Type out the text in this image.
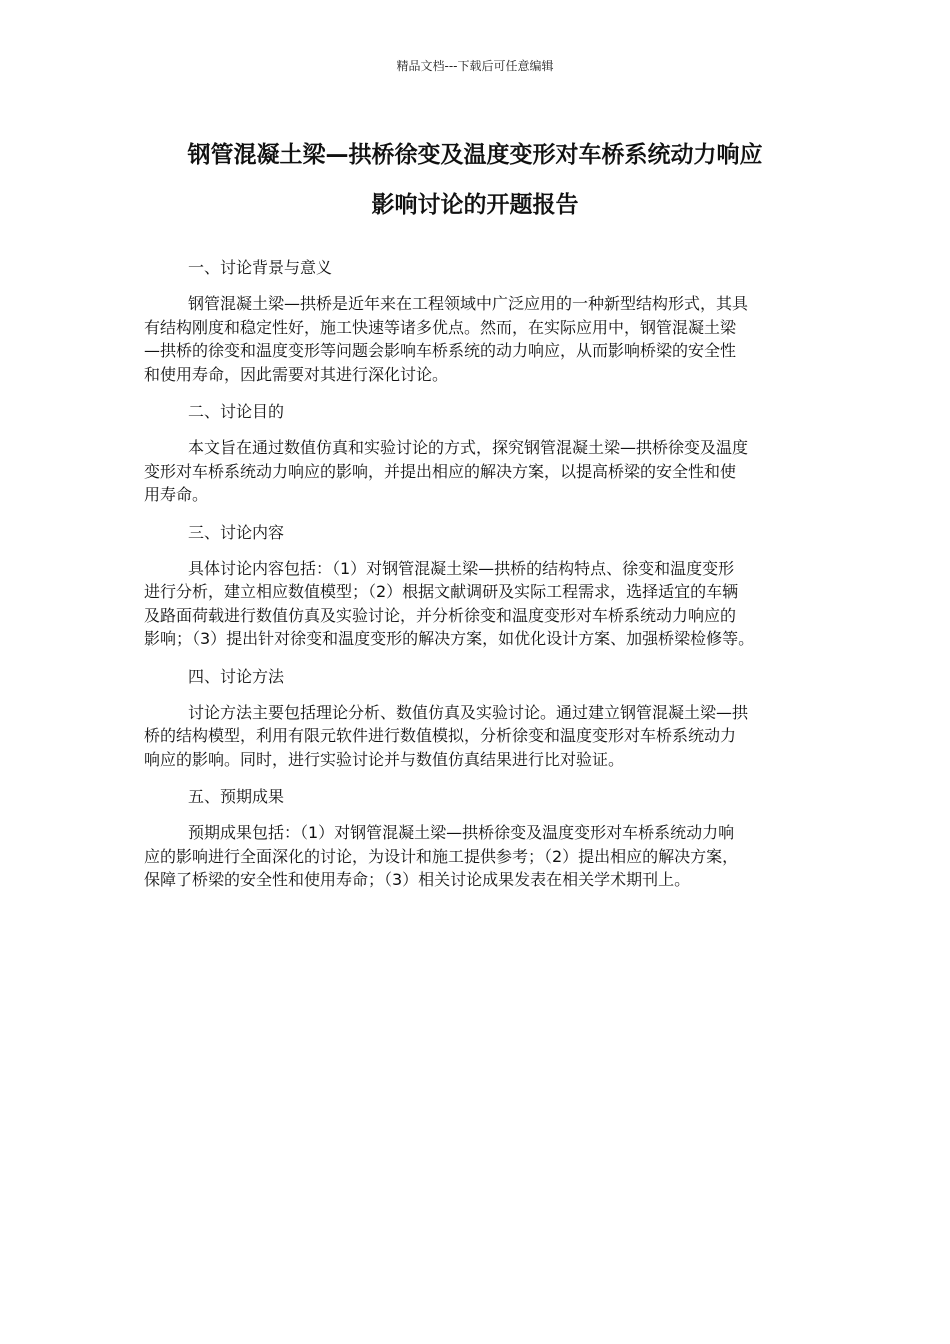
精品文档---下载后可任意编辑
钢管混凝土梁—拱桥徐变及温度变形对车桥系统动力响应
影响讨论的开题报告

一、讨论背景与意义

钢管混凝土梁—拱桥是近年来在工程领域中广泛应用的一种新型结构形式，其具
有结构刚度和稳定性好，施工快速等诸多优点。然而，在实际应用中，钢管混凝土梁
—拱桥的徐变和温度变形等问题会影响车桥系统的动力响应，从而影响桥梁的安全性
和使用寿命，因此需要对其进行深化讨论。

二、讨论目的

本文旨在通过数值仿真和实验讨论的方式，探究钢管混凝土梁—拱桥徐变及温度
变形对车桥系统动力响应的影响，并提出相应的解决方案，以提高桥梁的安全性和使
用寿命。

三、讨论内容

具体讨论内容包括：（1）对钢管混凝土梁—拱桥的结构特点、徐变和温度变形
进行分析，建立相应数值模型；（2）根据文献调研及实际工程需求，选择适宜的车辆
及路面荷载进行数值仿真及实验讨论，并分析徐变和温度变形对车桥系统动力响应的
影响；（3）提出针对徐变和温度变形的解决方案，如优化设计方案、加强桥梁检修等。

四、讨论方法

讨论方法主要包括理论分析、数值仿真及实验讨论。通过建立钢管混凝土梁—拱
桥的结构模型，利用有限元软件进行数值模拟，分析徐变和温度变形对车桥系统动力
响应的影响。同时，进行实验讨论并与数值仿真结果进行比对验证。

五、预期成果

预期成果包括：（1）对钢管混凝土梁—拱桥徐变及温度变形对车桥系统动力响
应的影响进行全面深化的讨论，为设计和施工提供参考；（2）提出相应的解决方案，
保障了桥梁的安全性和使用寿命；（3）相关讨论成果发表在相关学术期刊上。
